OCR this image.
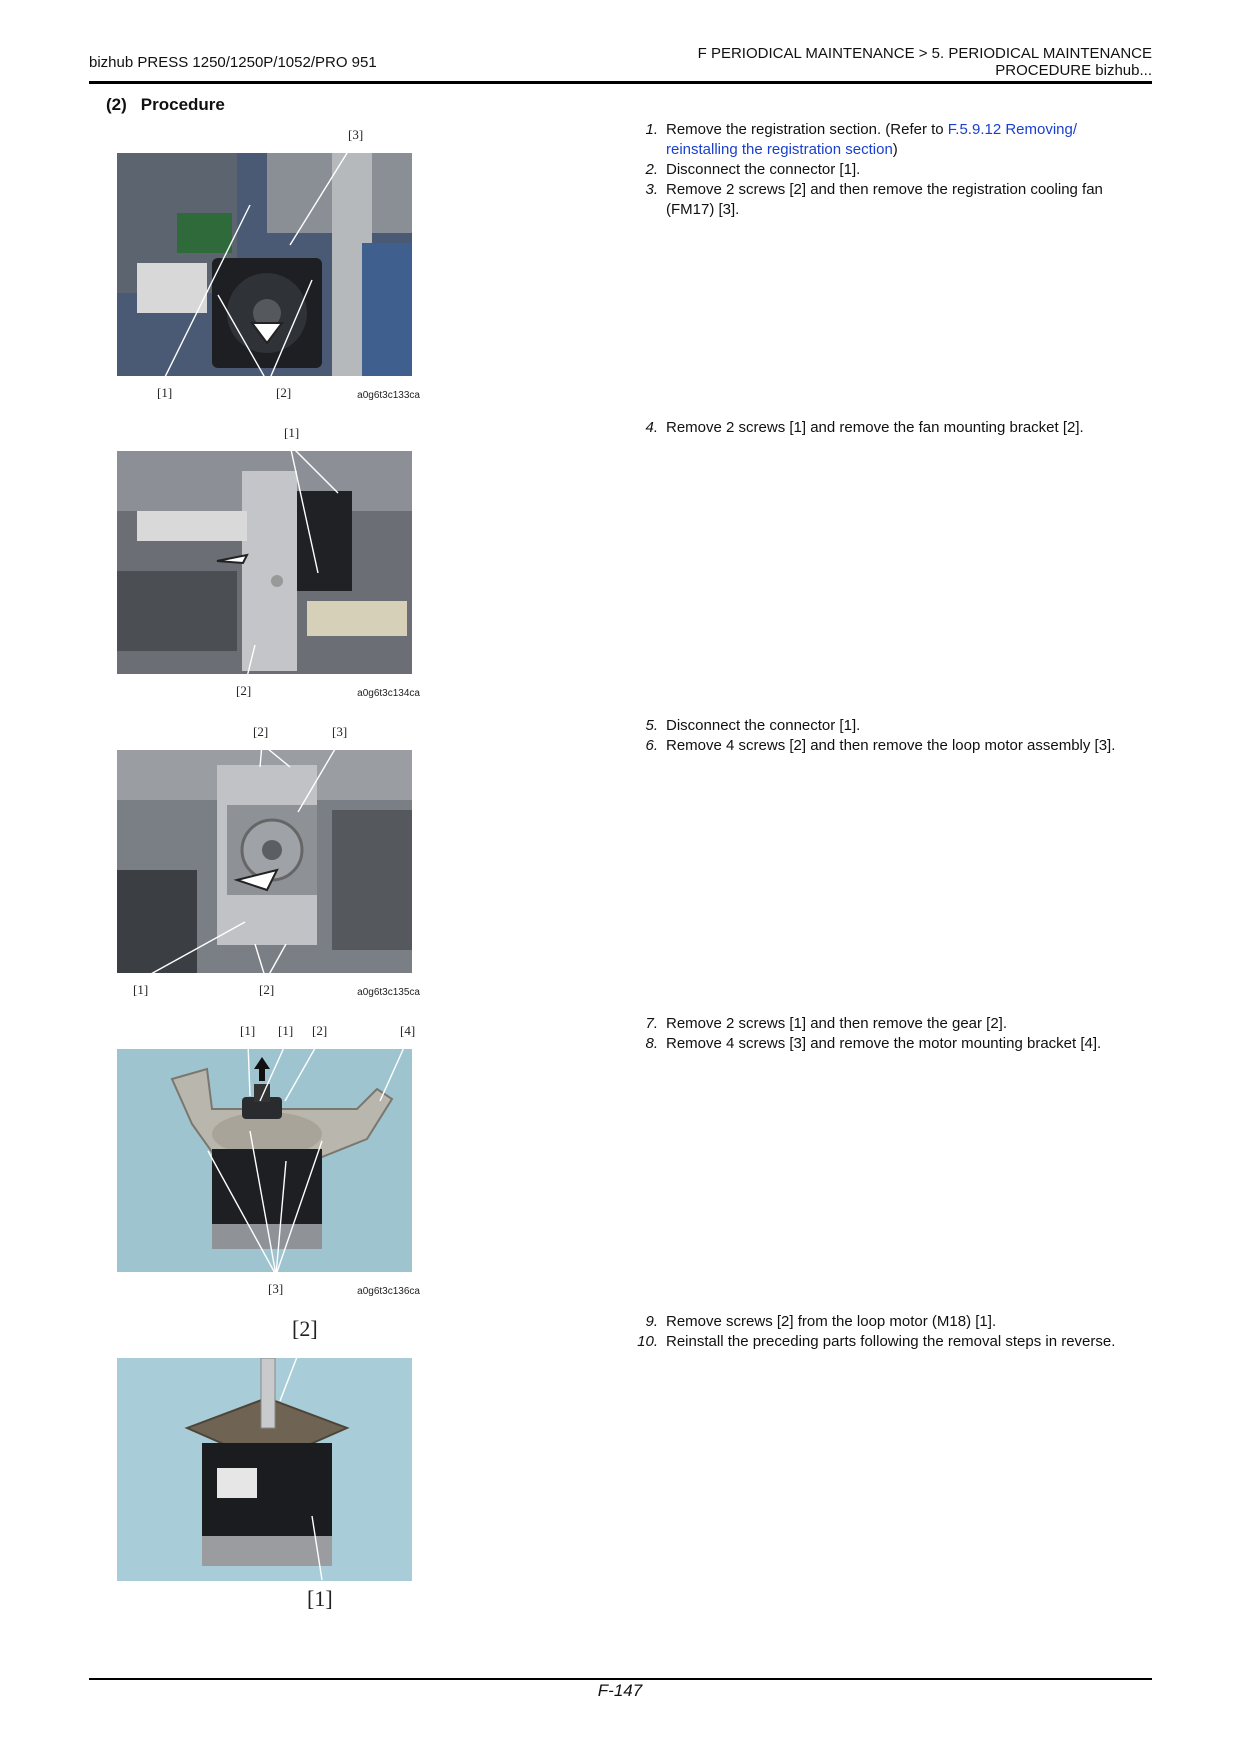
bizhub PRESS 1250/1250P/1052/PRO 951
F PERIODICAL MAINTENANCE > 5. PERIODICAL MAINTENANCE
PROCEDURE bizhub...
(2) Procedure
[3]
[1]	[2]	a0g6t3c133ca
[1]
[2]	a0g6t3c134ca
[2]	[3]
[1]	[2]	a0g6t3c135ca
[1] [1] [2]	[4]
[3]	a0g6t3c136ca
[2]
[1]
1. Remove the registration section. (Refer to F.5.9.12 Removing/ reinstalling the registration section)
2. Disconnect the connector [1].
3. Remove 2 screws [2] and then remove the registration cooling fan (FM17) [3].
4. Remove 2 screws [1] and remove the fan mounting bracket [2].
5. Disconnect the connector [1].
6. Remove 4 screws [2] and then remove the loop motor assembly [3].
7. Remove 2 screws [1] and then remove the gear [2].
8. Remove 4 screws [3] and remove the motor mounting bracket [4].
9. Remove screws [2] from the loop motor (M18) [1].
10. Reinstall the preceding parts following the removal steps in reverse.
F-147
